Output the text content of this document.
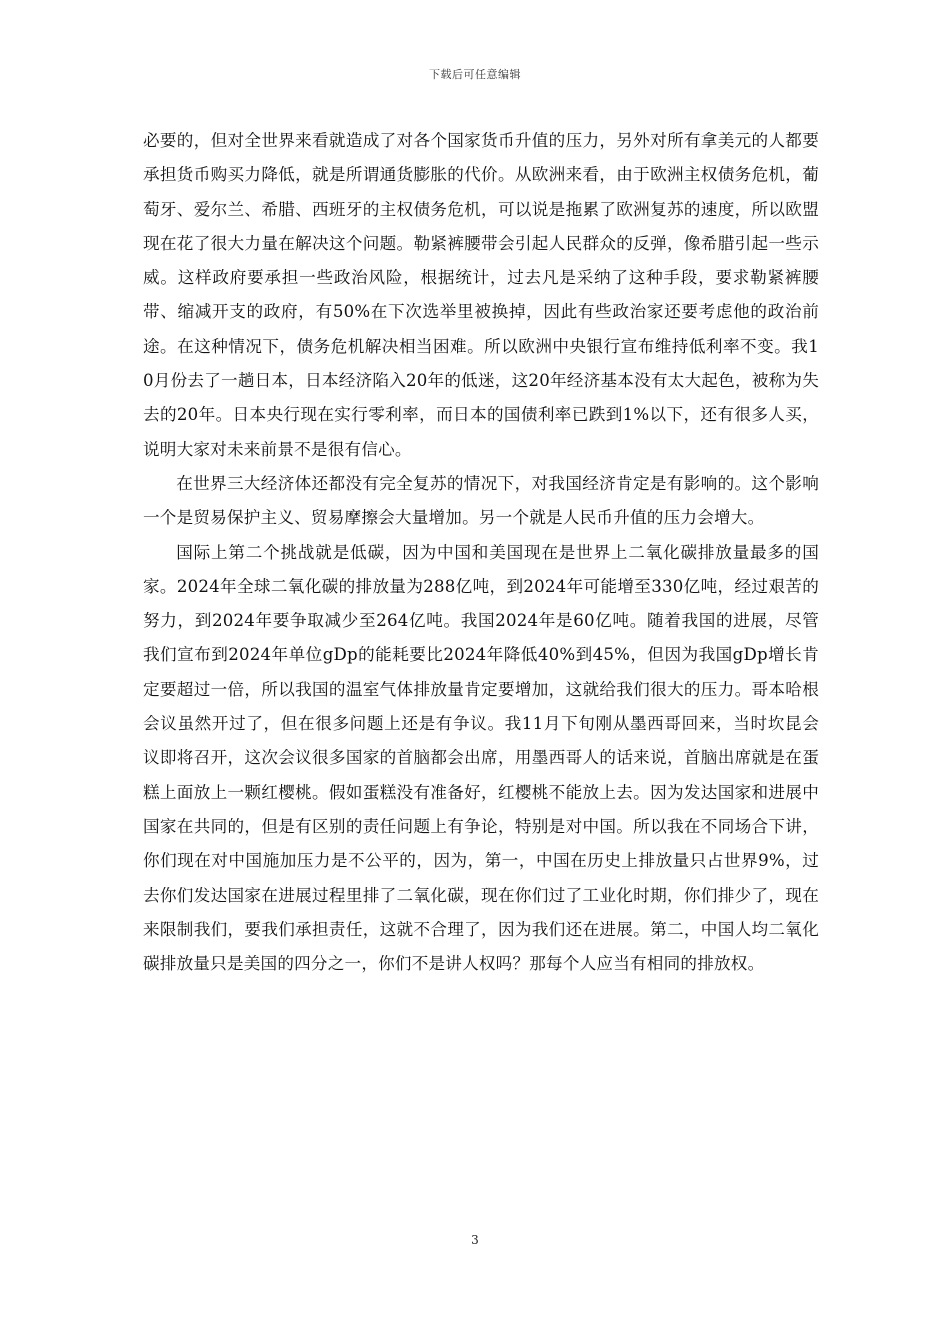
下载后可任意编辑

必要的，但对全世界来看就造成了对各个国家货币升值的压力，另外对所有拿美元的人都要承担货币购买力降低，就是所谓通货膨胀的代价。从欧洲来看，由于欧洲主权债务危机，葡萄牙、爱尔兰、希腊、西班牙的主权债务危机，可以说是拖累了欧洲复苏的速度，所以欧盟现在花了很大力量在解决这个问题。勒紧裤腰带会引起人民群众的反弹，像希腊引起一些示威。这样政府要承担一些政治风险，根据统计，过去凡是采纳了这种手段，要求勒紧裤腰带、缩减开支的政府，有50%在下次选举里被换掉，因此有些政治家还要考虑他的政治前途。在这种情况下，债务危机解决相当困难。所以欧洲中央银行宣布维持低利率不变。我10月份去了一趟日本，日本经济陷入20年的低迷，这20年经济基本没有太大起色，被称为失去的20年。日本央行现在实行零利率，而日本的国债利率已跌到1%以下，还有很多人买，说明大家对未来前景不是很有信心。

在世界三大经济体还都没有完全复苏的情况下，对我国经济肯定是有影响的。这个影响一个是贸易保护主义、贸易摩擦会大量增加。另一个就是人民币升值的压力会增大。

国际上第二个挑战就是低碳，因为中国和美国现在是世界上二氧化碳排放量最多的国家。2024年全球二氧化碳的排放量为288亿吨，到2024年可能增至330亿吨，经过艰苦的努力，到2024年要争取减少至264亿吨。我国2024年是60亿吨。随着我国的进展，尽管我们宣布到2024年单位gDp的能耗要比2024年降低40%到45%，但因为我国gDp增长肯定要超过一倍，所以我国的温室气体排放量肯定要增加，这就给我们很大的压力。哥本哈根会议虽然开过了，但在很多问题上还是有争议。我11月下旬刚从墨西哥回来，当时坎昆会议即将召开，这次会议很多国家的首脑都会出席，用墨西哥人的话来说，首脑出席就是在蛋糕上面放上一颗红樱桃。假如蛋糕没有准备好，红樱桃不能放上去。因为发达国家和进展中国家在共同的，但是有区别的责任问题上有争论，特别是对中国。所以我在不同场合下讲，你们现在对中国施加压力是不公平的，因为，第一，中国在历史上排放量只占世界9%，过去你们发达国家在进展过程里排了二氧化碳，现在你们过了工业化时期，你们排少了，现在来限制我们，要我们承担责任，这就不合理了，因为我们还在进展。第二，中国人均二氧化碳排放量只是美国的四分之一，你们不是讲人权吗？那每个人应当有相同的排放权。

3
